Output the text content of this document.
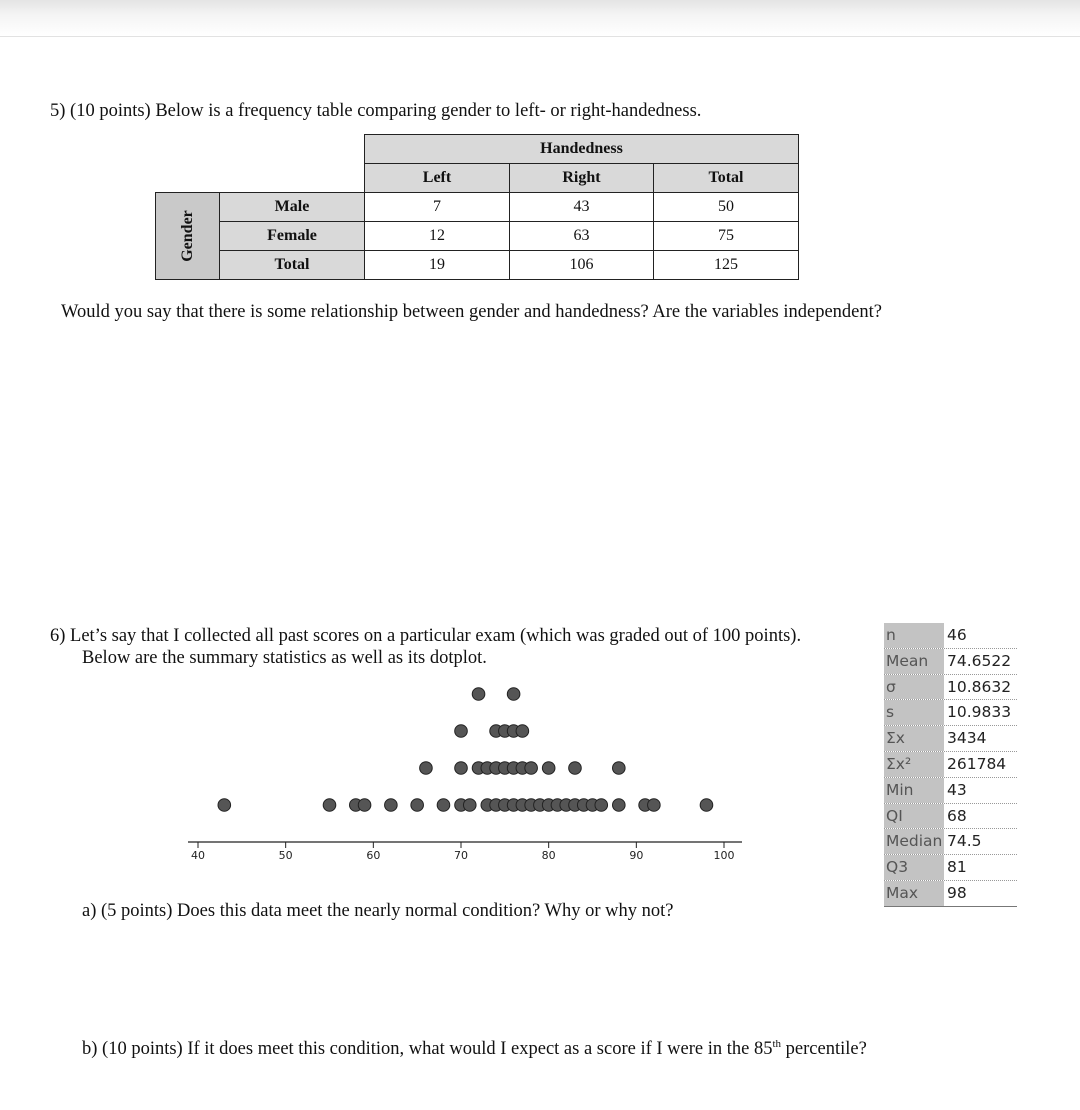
5) (10 points) Below is a frequency table comparing gender to left- or right-handedness.
		Handedness		
		Left	Right	Total
Gender	Male	7	43	50
	Female	12	63	75
	Total	19	106	125
Would you say that there is some relationship between gender and handedness? Are the variables independent?
6) Let’s say that I collected all past scores on a particular exam (which was graded out of 100 points).
Below are the summary statistics as well as its dotplot.
40	50	60	70	80	90	100
n	46
Mean	74.6522
σ	10.8632
s	10.9833
Σx	3434
Σx²	261784
Min	43
QI	68
Median 74.5
Q3	81
Max	98
a) (5 points) Does this data meet the nearly normal condition? Why or why not?
b) (10 points) If it does meet this condition, what would I expect as a score if I were in the 85th percentile?
